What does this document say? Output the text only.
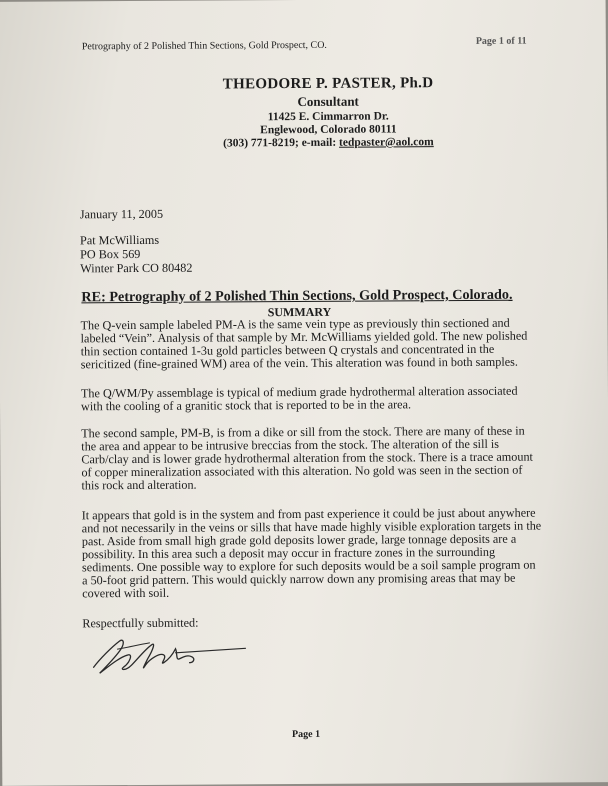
Petrography of 2 Polished Thin Sections, Gold Prospect, CO.	Page 1 of 11
THEODORE P. PASTER, Ph.D
Consultant
11425 E. Cimmarron Dr.
Englewood, Colorado 80111
(303) 771-8219; e-mail: tedpaster@aol.com
January 11, 2005
Pat McWilliams
PO Box 569
Winter Park CO 80482
RE: Petrography of 2 Polished Thin Sections, Gold Prospect, Colorado.
SUMMARY
The Q-vein sample labeled PM-A is the same vein type as previously thin sectioned and
labeled “Vein”. Analysis of that sample by Mr. McWilliams yielded gold. The new polished
thin section contained 1-3u gold particles between Q crystals and concentrated in the
sericitized (fine-grained WM) area of the vein. This alteration was found in both samples.
The Q/WM/Py assemblage is typical of medium grade hydrothermal alteration associated
with the cooling of a granitic stock that is reported to be in the area.
The second sample, PM-B, is from a dike or sill from the stock. There are many of these in
the area and appear to be intrusive breccias from the stock. The alteration of the sill is
Carb/clay and is lower grade hydrothermal alteration from the stock. There is a trace amount
of copper mineralization associated with this alteration. No gold was seen in the section of
this rock and alteration.
It appears that gold is in the system and from past experience it could be just about anywhere
and not necessarily in the veins or sills that have made highly visible exploration targets in the
past. Aside from small high grade gold deposits lower grade, large tonnage deposits are a
possibility. In this area such a deposit may occur in fracture zones in the surrounding
sediments. One possible way to explore for such deposits would be a soil sample program on
a 50-foot grid pattern. This would quickly narrow down any promising areas that may be
covered with soil.
Respectfully submitted:
Page 1
